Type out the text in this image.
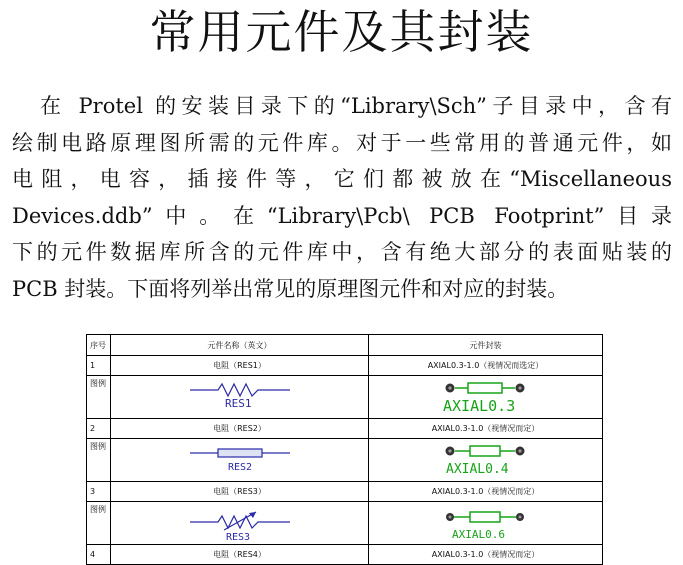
常用元件及其封装

在 Protel 的安装目录下的“Library\Sch”子目录中，含有

绘制电路原理图所需的元件库。对于一些常用的普通元件，如

电阻，电容，插接件等，它们都被放在“Miscellaneous

Devices.ddb”中。在“Library\Pcb\ PCB Footprint”目录

下的元件数据库所含的元件库中，含有绝大部分的表面贴装的

PCB 封装。下面将列举出常见的原理图元件和对应的封装。

序号	元件名称（英文）	元件封装
1	电阻（RES1）	AXIAL0.3-1.0（视情况而选定）
图例	RES1	AXIAL0.3

2	电阻（RES2）	AXIAL0.3-1.0（视情况而定）
图例	RES2	AXIAL0.4

3	电阻（RES3）	AXIAL0.3-1.0（视情况而定）
图例	RES3	AXIAL0.6

4	电阻（RES4）	AXIAL0.3-1.0（视情况而定）
